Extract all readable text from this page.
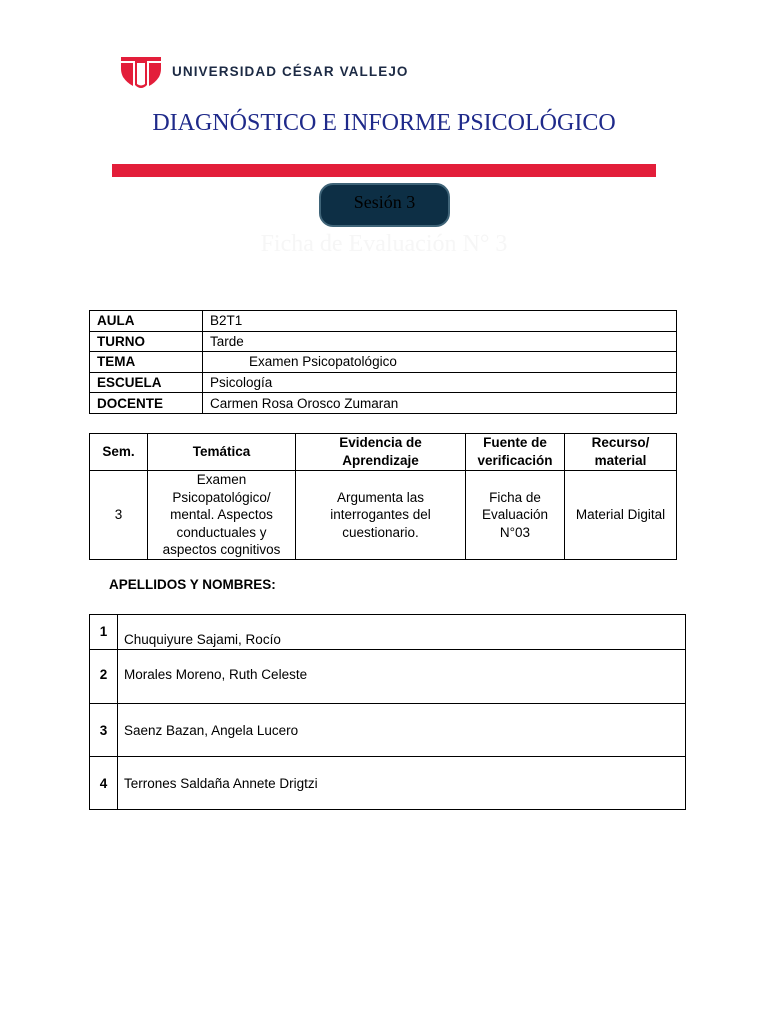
UNIVERSIDAD CÉSAR VALLEJO
DIAGNÓSTICO E INFORME PSICOLÓGICO
Sesión 3
Ficha de Evaluación N° 3
AULA	B2T1
TURNO	Tarde
TEMA	Examen Psicopatológico
ESCUELA	Psicología
DOCENTE	Carmen Rosa Orosco Zumaran
Sem.	Temática	Evidencia de Aprendizaje	Fuente de verificación	Recurso/ material
3	Examen Psicopatológico/ mental. Aspectos conductuales y aspectos cognitivos	Argumenta las interrogantes del cuestionario.	Ficha de Evaluación N°03	Material Digital
APELLIDOS Y NOMBRES:
1	Chuquiyure Sajami, Rocío
2	Morales Moreno, Ruth Celeste
3	Saenz Bazan, Angela Lucero
4	Terrones Saldaña Annete Drigtzi
